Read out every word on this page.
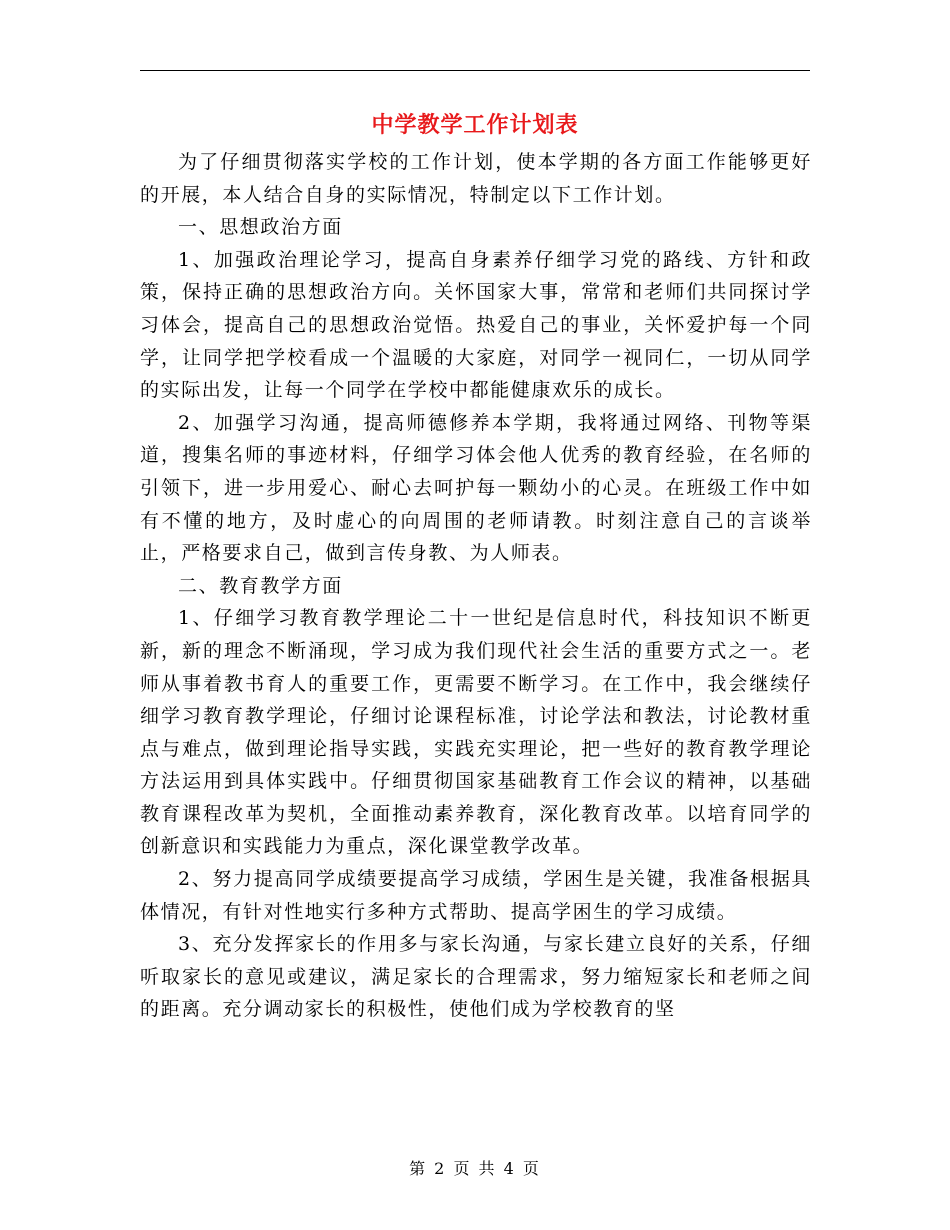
中学教学工作计划表

为了仔细贯彻落实学校的工作计划，使本学期的各方面工作能够更好的开展，本人结合自身的实际情况，特制定以下工作计划。

一、思想政治方面

1、加强政治理论学习，提高自身素养仔细学习党的路线、方针和政策，保持正确的思想政治方向。关怀国家大事，常常和老师们共同探讨学习体会，提高自己的思想政治觉悟。热爱自己的事业，关怀爱护每一个同学，让同学把学校看成一个温暖的大家庭，对同学一视同仁，一切从同学的实际出发，让每一个同学在学校中都能健康欢乐的成长。

2、加强学习沟通，提高师德修养本学期，我将通过网络、刊物等渠道，搜集名师的事迹材料，仔细学习体会他人优秀的教育经验，在名师的引领下，进一步用爱心、耐心去呵护每一颗幼小的心灵。在班级工作中如有不懂的地方，及时虚心的向周围的老师请教。时刻注意自己的言谈举止，严格要求自己，做到言传身教、为人师表。

二、教育教学方面

1、仔细学习教育教学理论二十一世纪是信息时代，科技知识不断更新，新的理念不断涌现，学习成为我们现代社会生活的重要方式之一。老师从事着教书育人的重要工作，更需要不断学习。在工作中，我会继续仔细学习教育教学理论，仔细讨论课程标准，讨论学法和教法，讨论教材重点与难点，做到理论指导实践，实践充实理论，把一些好的教育教学理论方法运用到具体实践中。仔细贯彻国家基础教育工作会议的精神，以基础教育课程改革为契机，全面推动素养教育，深化教育改革。以培育同学的创新意识和实践能力为重点，深化课堂教学改革。

2、努力提高同学成绩要提高学习成绩，学困生是关键，我准备根据具体情况，有针对性地实行多种方式帮助、提高学困生的学习成绩。

3、充分发挥家长的作用多与家长沟通，与家长建立良好的关系，仔细听取家长的意见或建议，满足家长的合理需求，努力缩短家长和老师之间的距离。充分调动家长的积极性，使他们成为学校教育的坚

第 2 页 共 4 页
